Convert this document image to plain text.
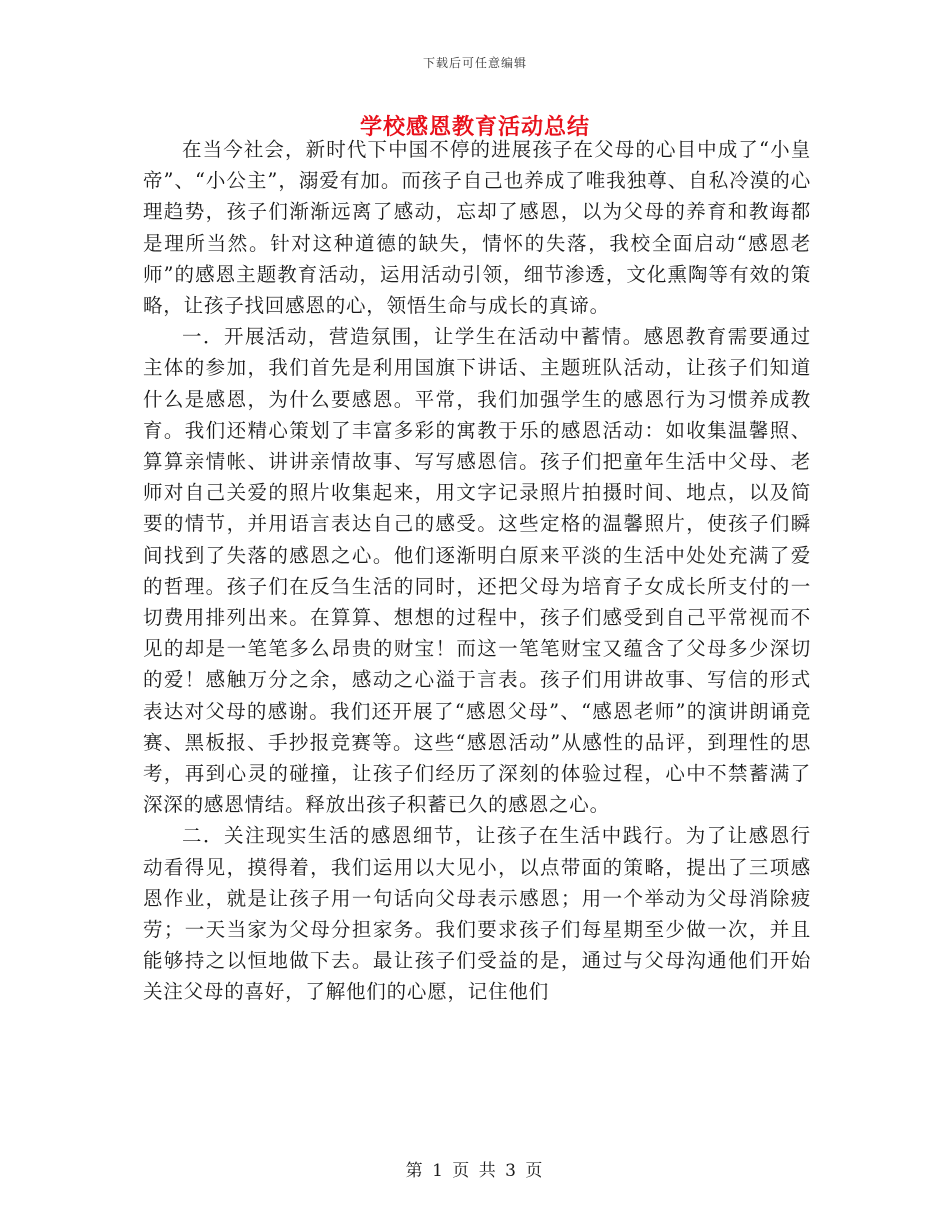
下载后可任意编辑
学校感恩教育活动总结

在当今社会，新时代下中国不停的进展孩子在父母的心目中成了“小皇帝”、“小公主”，溺爱有加。而孩子自己也养成了唯我独尊、自私冷漠的心理趋势，孩子们渐渐远离了感动，忘却了感恩，以为父母的养育和教诲都是理所当然。针对这种道德的缺失，情怀的失落，我校全面启动“感恩老师”的感恩主题教育活动，运用活动引领，细节渗透，文化熏陶等有效的策略，让孩子找回感恩的心，领悟生命与成长的真谛。

一．开展活动，营造氛围，让学生在活动中蓄情。感恩教育需要通过主体的参加，我们首先是利用国旗下讲话、主题班队活动，让孩子们知道什么是感恩，为什么要感恩。平常，我们加强学生的感恩行为习惯养成教育。我们还精心策划了丰富多彩的寓教于乐的感恩活动：如收集温馨照、算算亲情帐、讲讲亲情故事、写写感恩信。孩子们把童年生活中父母、老师对自己关爱的照片收集起来，用文字记录照片拍摄时间、地点，以及简要的情节，并用语言表达自己的感受。这些定格的温馨照片，使孩子们瞬间找到了失落的感恩之心。他们逐渐明白原来平淡的生活中处处充满了爱的哲理。孩子们在反刍生活的同时，还把父母为培育子女成长所支付的一切费用排列出来。在算算、想想的过程中，孩子们感受到自己平常视而不见的却是一笔笔多么昂贵的财宝！而这一笔笔财宝又蕴含了父母多少深切的爱！感触万分之余，感动之心溢于言表。孩子们用讲故事、写信的形式表达对父母的感谢。我们还开展了“感恩父母”、“感恩老师”的演讲朗诵竞赛、黑板报、手抄报竞赛等。这些“感恩活动”从感性的品评，到理性的思考，再到心灵的碰撞，让孩子们经历了深刻的体验过程，心中不禁蓄满了深深的感恩情结。释放出孩子积蓄已久的感恩之心。

二．关注现实生活的感恩细节，让孩子在生活中践行。为了让感恩行动看得见，摸得着，我们运用以大见小，以点带面的策略，提出了三项感恩作业，就是让孩子用一句话向父母表示感恩；用一个举动为父母消除疲劳；一天当家为父母分担家务。我们要求孩子们每星期至少做一次，并且能够持之以恒地做下去。最让孩子们受益的是，通过与父母沟通他们开始关注父母的喜好，了解他们的心愿，记住他们

第 1 页 共 3 页
